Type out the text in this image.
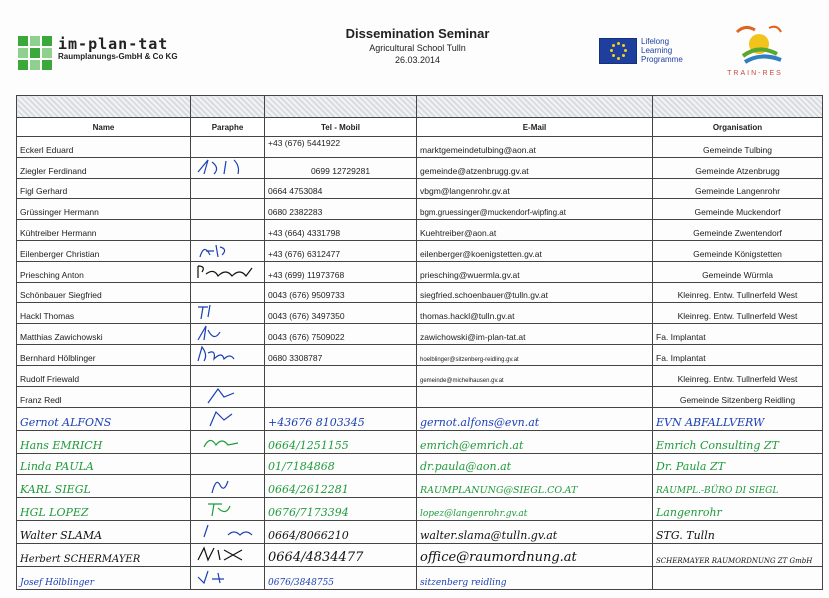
im-plan-tat
Raumplanungs-GmbH & Co KG
Dissemination Seminar
Agricultural School Tulln
26.03.2014
Lifelong
Learning
Programme
TRAIN-RES

Name	Paraphe	Tel - Mobil	E-Mail	Organisation
Eckerl Eduard		+43 (676) 5441922	marktgemeindetulbing@aon.at	Gemeinde Tulbing
Ziegler Ferdinand		0699 12729281	gemeinde@atzenbrugg.gv.at	Gemeinde Atzenbrugg
Figl Gerhard		0664 4753084	vbgm@langenrohr.gv.at	Gemeinde Langenrohr
Grüssinger Hermann		0680 2382283	bgm.gruessinger@muckendorf-wipfing.at	Gemeinde Muckendorf
Kühtreiber Hermann		+43 (664) 4331798	Kuehtreiber@aon.at	Gemeinde Zwentendorf
Eilenberger Christian		+43 (676) 6312477	eilenberger@koenigstetten.gv.at	Gemeinde Königstetten
Priesching Anton		+43 (699) 11973768	priesching@wuermla.gv.at	Gemeinde Würmla
Schönbauer Siegfried		0043 (676) 9509733	siegfried.schoenbauer@tulln.gv.at	Kleinreg. Entw. Tullnerfeld West
Hackl Thomas		0043 (676) 3497350	thomas.hackl@tulln.gv.at	Kleinreg. Entw. Tullnerfeld West
Matthias Zawichowski		0043 (676) 7509022	zawichowski@im-plan-tat.at	Fa. Implantat
Bernhard Hölblinger		0680 3308787	hoelblinger@sitzenberg-reidling.gv.at	Fa. Implantat
Rudolf Friewald			gemeinde@michelhausen.gv.at	Kleinreg. Entw. Tullnerfeld West
Franz Redl				Gemeinde Sitzenberg Reidling
Gernot ALFONS		+43676 8103345	gernot.alfons@evn.at	EVN ABFALLVERW
Hans EMRICH		0664/1251155	emrich@emrich.at	Emrich Consulting ZT
Linda PAULA		01/7184868	dr.paula@aon.at	Dr. Paula ZT
KARL SIEGL		0664/2612281	RAUMPLANUNG@SIEGL.CO.AT	RAUMPL.-BÜRO DI SIEGL
HGL LOPEZ		0676/7173394	lopez@langenrohr.gv.at	Langenrohr
Walter SLAMA		0664/8066210	walter.slama@tulln.gv.at	STG. Tulln
Herbert SCHERMAYER		0664/4834477	office@raumordnung.at	SCHERMAYER RAUMORDNUNG ZT GmbH
Josef Hölblinger		0676/3848755	sitzenberg reidling	
